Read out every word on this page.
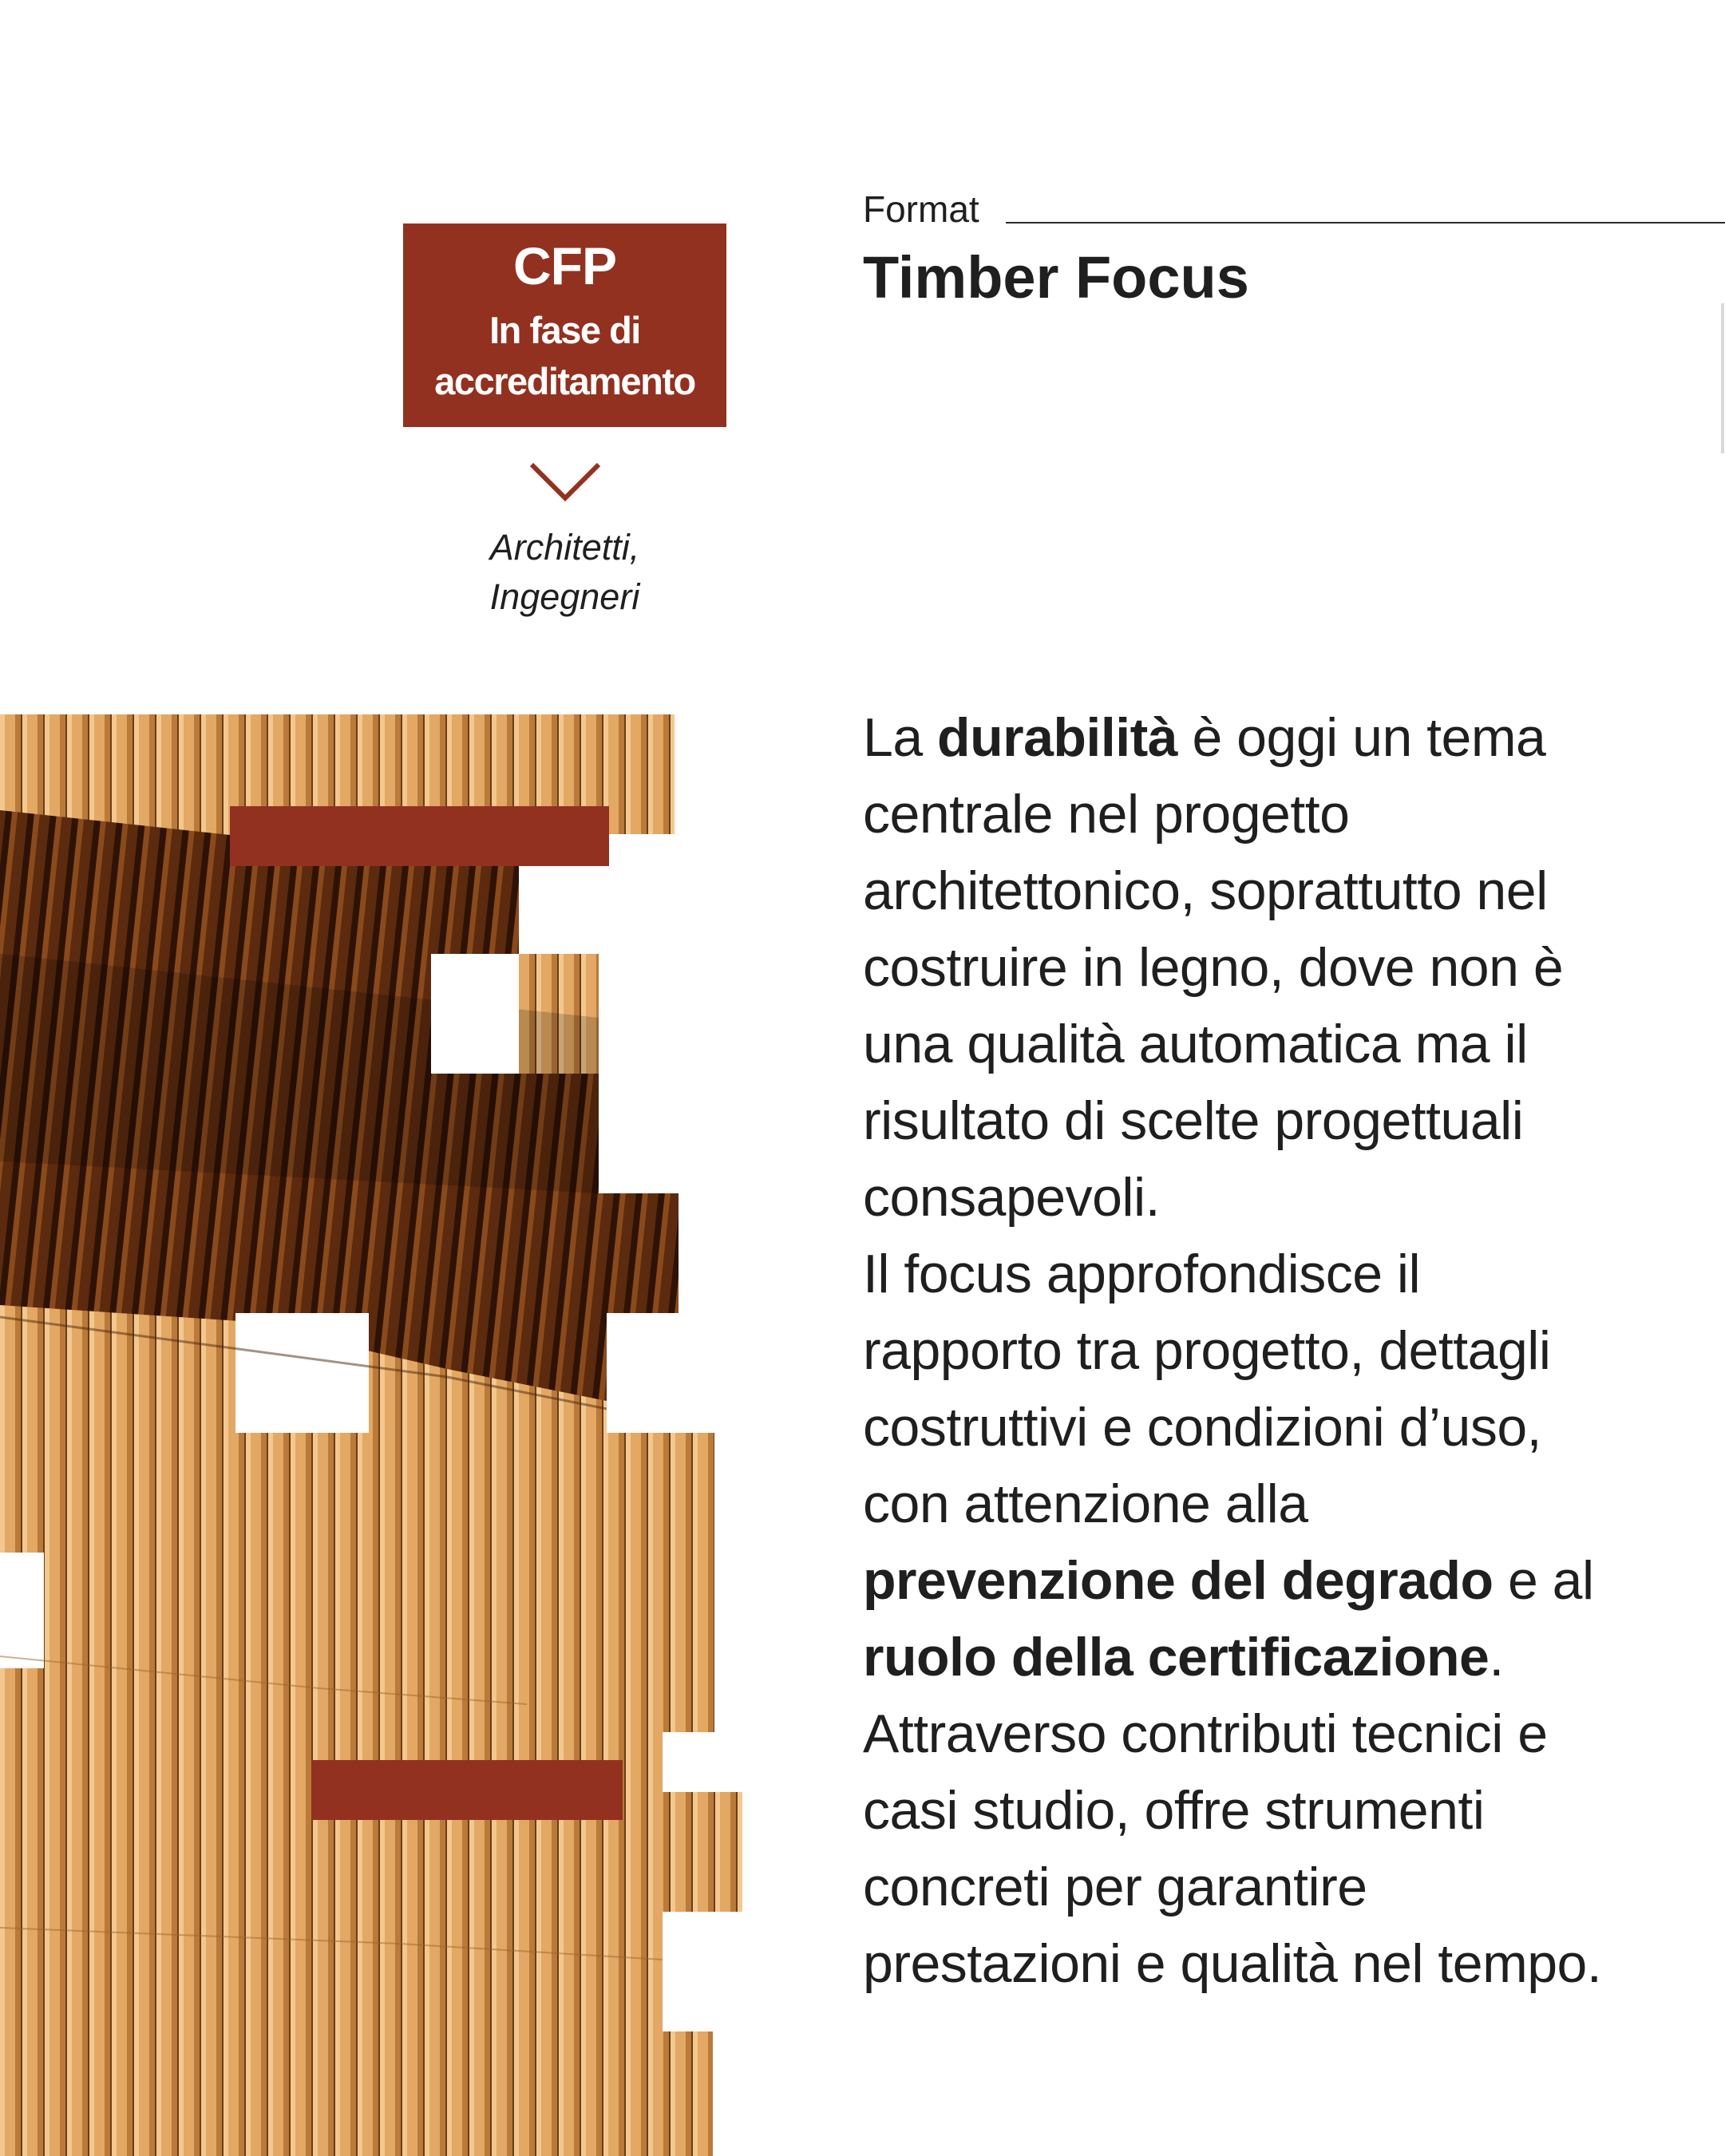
CFP
In fase di
accreditamento
Architetti,
Ingegneri
Format
Timber Focus
La durabilità è oggi un tema
centrale nel progetto
architettonico, soprattutto nel
costruire in legno, dove non è
una qualità automatica ma il
risultato di scelte progettuali
consapevoli.
Il focus approfondisce il
rapporto tra progetto, dettagli
costruttivi e condizioni d’uso,
con attenzione alla
prevenzione del degrado e al
ruolo della certificazione.
Attraverso contributi tecnici e
casi studio, offre strumenti
concreti per garantire
prestazioni e qualità nel tempo.
